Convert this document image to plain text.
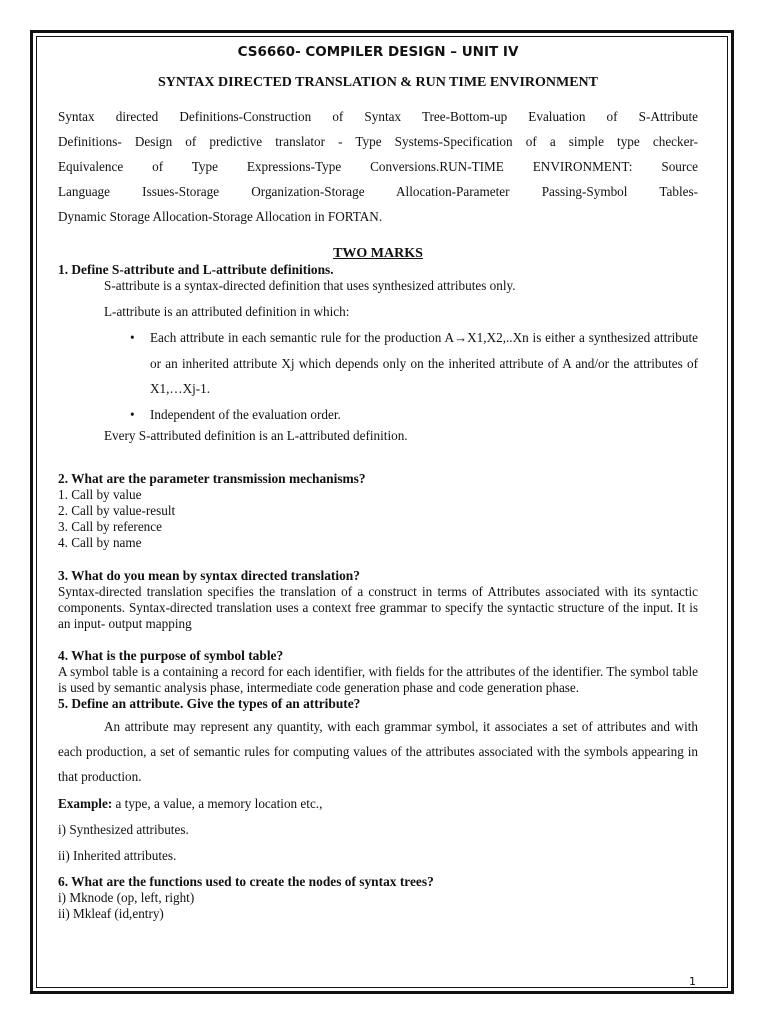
CS6660- COMPILER DESIGN – UNIT IV

SYNTAX DIRECTED TRANSLATION & RUN TIME ENVIRONMENT

Syntax directed Definitions-Construction of Syntax Tree-Bottom-up Evaluation of S-Attribute

Definitions- Design of predictive translator - Type Systems-Specification of a simple type checker-

Equivalence of Type Expressions-Type Conversions.RUN-TIME ENVIRONMENT: Source

Language Issues-Storage Organization-Storage Allocation-Parameter Passing-Symbol Tables-

Dynamic Storage Allocation-Storage Allocation in FORTAN.

TWO MARKS

1. Define S-attribute and L-attribute definitions.

S-attribute is a syntax-directed definition that uses synthesized attributes only.

L-attribute is an attributed definition in which:

• Each attribute in each semantic rule for the production A→X1,X2,..Xn is either a synthesized attribute or an inherited attribute Xj which depends only on the inherited attribute of A and/or the attributes of X1,…Xj-1.
• Independent of the evaluation order.

Every S-attributed definition is an L-attributed definition.

2. What are the parameter transmission mechanisms?

1. Call by value

2. Call by value-result

3. Call by reference

4. Call by name

3. What do you mean by syntax directed translation?

Syntax-directed translation specifies the translation of a construct in terms of Attributes associated with its syntactic components. Syntax-directed translation uses a context free grammar to specify the syntactic structure of the input. It is an input- output mapping

4. What is the purpose of symbol table?

A symbol table is a containing a record for each identifier, with fields for the attributes of the identifier. The symbol table is used by semantic analysis phase, intermediate code generation phase and code generation phase.

5. Define an attribute. Give the types of an attribute?

An attribute may represent any quantity, with each grammar symbol, it associates a set of attributes and with each production, a set of semantic rules for computing values of the attributes associated with the symbols appearing in that production.

Example: a type, a value, a memory location etc.,

i) Synthesized attributes.

ii) Inherited attributes.

6. What are the functions used to create the nodes of syntax trees?

i) Mknode (op, left, right)

ii) Mkleaf (id,entry)

1
